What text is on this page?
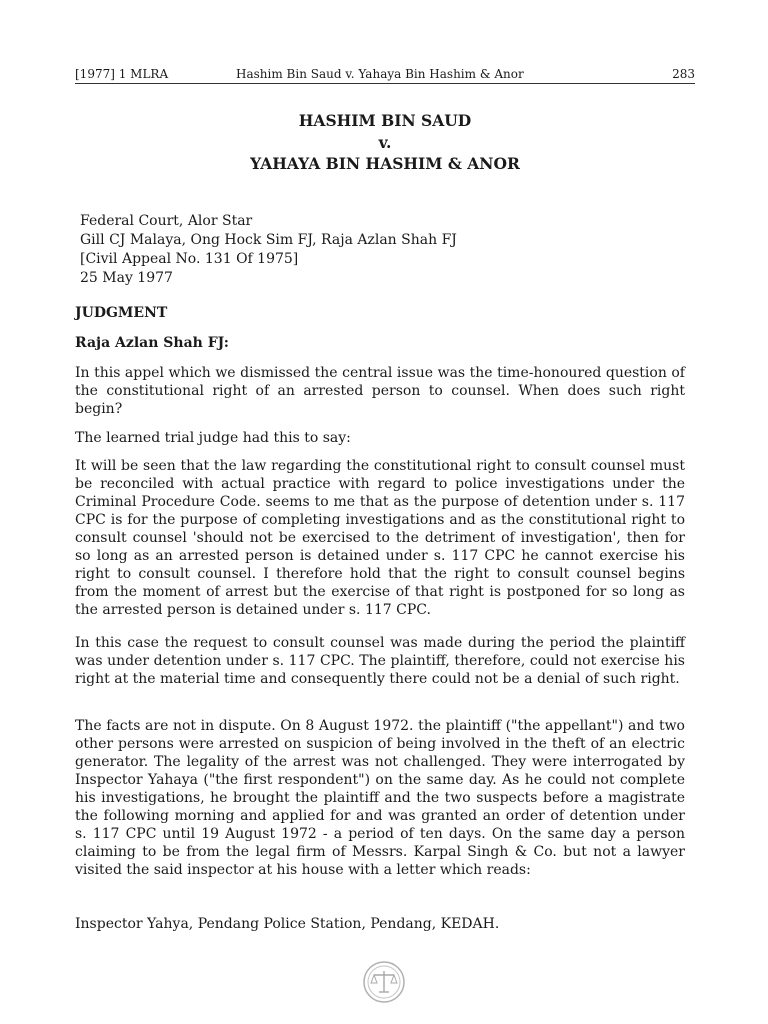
[1977] 1 MLRA	Hashim Bin Saud v. Yahaya Bin Hashim & Anor	283
HASHIM BIN SAUD
v.
YAHAYA BIN HASHIM & ANOR
Federal Court, Alor Star
Gill CJ Malaya, Ong Hock Sim FJ, Raja Azlan Shah FJ
[Civil Appeal No. 131 Of 1975]
25 May 1977
JUDGMENT
Raja Azlan Shah FJ:

In this appel which we dismissed the central issue was the time-honoured question of the constitutional right of an arrested person to counsel. When does such right begin?

The learned trial judge had this to say:

It will be seen that the law regarding the constitutional right to consult counsel must be reconciled with actual practice with regard to police investigations under the Criminal Procedure Code. seems to me that as the purpose of detention under s. 117 CPC is for the purpose of completing investigations and as the constitutional right to consult counsel 'should not be exercised to the detriment of investigation', then for so long as an arrested person is detained under s. 117 CPC he cannot exercise his right to consult counsel. I therefore hold that the right to consult counsel begins from the moment of arrest but the exercise of that right is postponed for so long as the arrested person is detained under s. 117 CPC.

In this case the request to consult counsel was made during the period the plaintiff was under detention under s. 117 CPC. The plaintiff, therefore, could not exercise his right at the material time and consequently there could not be a denial of such right.

The facts are not in dispute. On 8 August 1972. the plaintiff ("the appellant") and two other persons were arrested on suspicion of being involved in the theft of an electric generator. The legality of the arrest was not challenged. They were interrogated by Inspector Yahaya ("the first respondent") on the same day. As he could not complete his investigations, he brought the plaintiff and the two suspects before a magistrate the following morning and applied for and was granted an order of detention under s. 117 CPC until 19 August 1972 - a period of ten days. On the same day a person claiming to be from the legal firm of Messrs. Karpal Singh & Co. but not a lawyer visited the said inspector at his house with a letter which reads:

Inspector Yahya, Pendang Police Station, Pendang, KEDAH.
